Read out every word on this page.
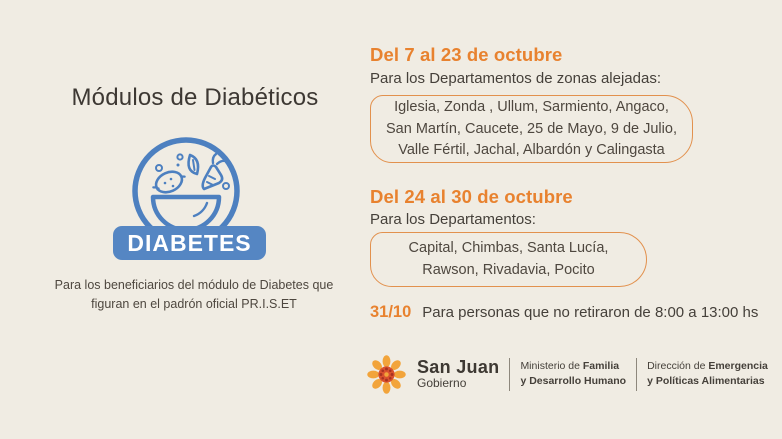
Módulos de Diabéticos
DIABETES

Para los beneficiarios del módulo de Diabetes que
figuran en el padrón oficial PR.I.S.ET

Del 7 al 23 de octubre
Para los Departamentos de zonas alejadas:
Iglesia, Zonda , Ullum, Sarmiento, Angaco,
San Martín, Caucete, 25 de Mayo, 9 de Julio,
Valle Fértil, Jachal, Albardón y Calingasta
Del 24 al 30 de octubre
Para los Departamentos:
Capital, Chimbas, Santa Lucía,
Rawson, Rivadavia, Pocito
31/10 Para personas que no retiraron de 8:00 a 13:00 hs
San Juan
Gobierno
Ministerio de Familia
y Desarrollo Humano
Dirección de Emergencia
y Políticas Alimentarias
